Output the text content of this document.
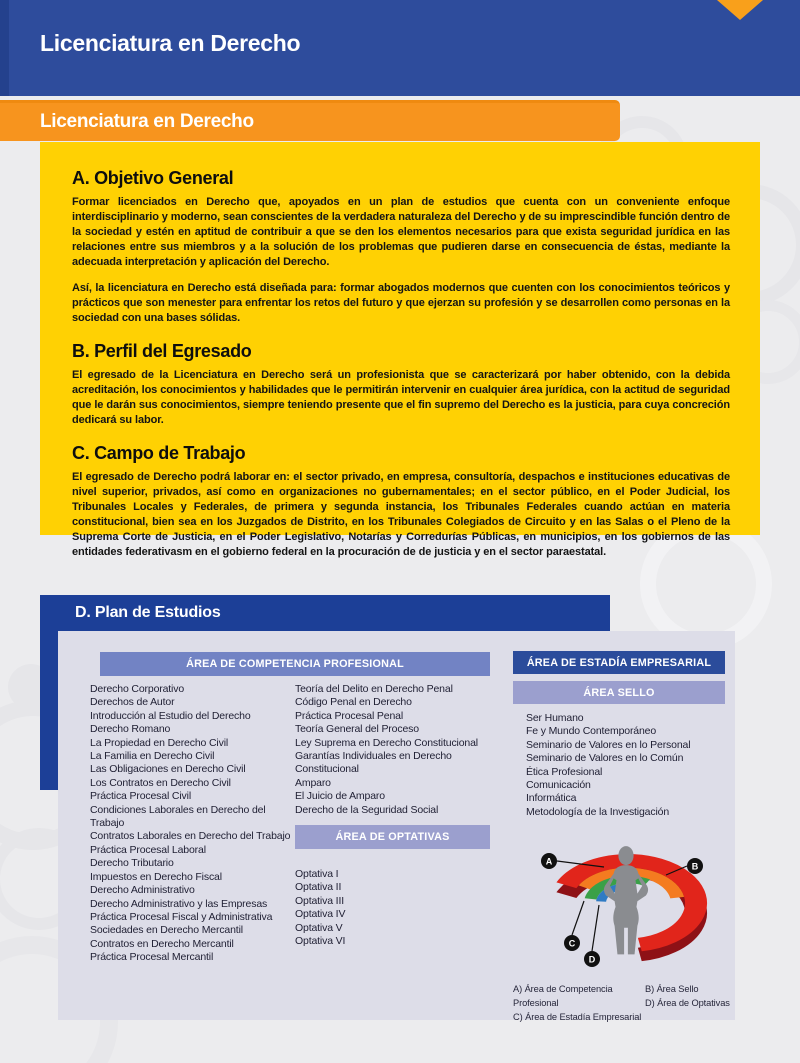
Licenciatura en Derecho
Licenciatura en Derecho
A. Objetivo General

Formar licenciados en Derecho que, apoyados en un plan de estudios que cuenta con un conveniente enfoque interdisciplinario y moderno, sean conscientes de la verdadera naturaleza del Derecho y de su imprescindible función dentro de la sociedad y estén en aptitud de contribuir a que se den los elementos necesarios para que exista seguridad jurídica en las relaciones entre sus miembros y a la solución de los problemas que pudieren darse en consecuencia de éstas, mediante la adecuada interpretación y aplicación del Derecho.

Así, la licenciatura en Derecho está diseñada para: formar abogados modernos que cuenten con los conocimientos teóricos y prácticos que son menester para enfrentar los retos del futuro y que ejerzan su profesión y se desarrollen como personas en la sociedad con una bases sólidas.

B. Perfil del Egresado

El egresado de la Licenciatura en Derecho será un profesionista que se caracterizará por haber obtenido, con la debida acreditación, los conocimientos y habilidades que le permitirán intervenir en cualquier área jurídica, con la actitud de seguridad que le darán sus conocimientos, siempre teniendo presente que el fin supremo del Derecho es la justicia, para cuya concreción dedicará su labor.

C. Campo de Trabajo

El egresado de Derecho podrá laborar en: el sector privado, en empresa, consultoría, despachos e instituciones educativas de nivel superior, privados, así como en organizaciones no gubernamentales; en el sector público, en el Poder Judicial, los Tribunales Locales y Federales, de primera y segunda instancia, los Tribunales Federales cuando actúan en materia constitucional, bien sea en los Juzgados de Distrito, en los Tribunales Colegiados de Circuito y en las Salas o el Pleno de la Suprema Corte de Justicia, en el Poder Legislativo, Notarías y Corredurías Públicas, en municipios, en los gobiernos de las entidades federativasm en el gobierno federal en la procuración de de justicia y en el sector paraestatal.

D. Plan de Estudios
ÁREA DE COMPETENCIA PROFESIONAL
Derecho Corporativo
Derechos de Autor
Introducción al Estudio del Derecho
Derecho Romano
La Propiedad en Derecho Civil
La Familia en Derecho Civil
Las Obligaciones en Derecho Civil
Los Contratos en Derecho Civil
Práctica Procesal Civil
Condiciones Laborales en Derecho del Trabajo
Contratos Laborales en Derecho del Trabajo
Práctica Procesal Laboral
Derecho Tributario
Impuestos en Derecho Fiscal
Derecho Administrativo
Derecho Administrativo y las Empresas
Práctica Procesal Fiscal y Administrativa
Sociedades en Derecho Mercantil
Contratos en Derecho Mercantil
Práctica Procesal Mercantil
Teoría del Delito en Derecho Penal
Código Penal en Derecho
Práctica Procesal Penal
Teoría General del Proceso
Ley Suprema en Derecho Constitucional
Garantías Individuales en Derecho Constitucional
Amparo
El Juicio de Amparo
Derecho de la Seguridad Social
ÁREA DE OPTATIVAS
Optativa I
Optativa II
Optativa III
Optativa IV
Optativa V
Optativa VI
ÁREA DE ESTADÍA EMPRESARIAL
ÁREA SELLO
Ser Humano
Fe y Mundo Contemporáneo
Seminario de Valores en lo Personal
Seminario de Valores en lo Común
Ética Profesional
Comunicación
Informática
Metodología de la Investigación
A	B
C
D
A) Área de Competencia Profesional
C) Área de Estadía Empresarial
B) Área Sello
D) Área de Optativas
